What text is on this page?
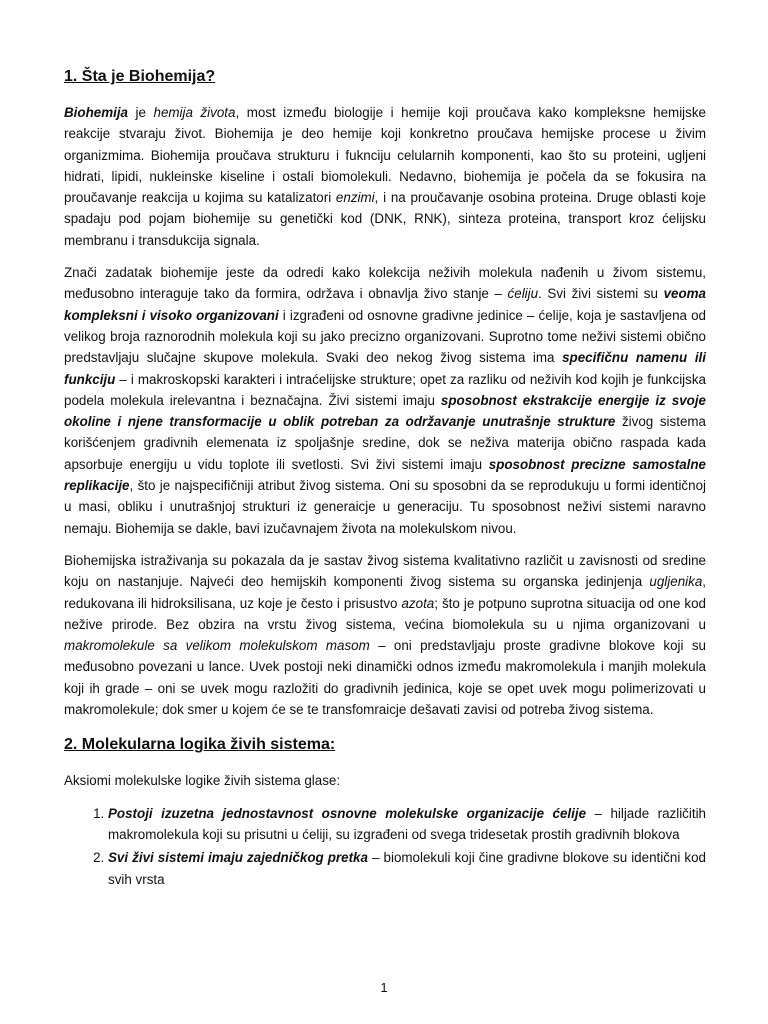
1. Šta je Biohemija?

Biohemija je hemija života, most između biologije i hemije koji proučava kako kompleksne hemijske reakcije stvaraju život. Biohemija je deo hemije koji konkretno proučava hemijske procese u živim organizmima. Biohemija proučava strukturu i fuknciju celularnih komponenti, kao što su proteini, ugljeni hidrati, lipidi, nukleinske kiseline i ostali biomolekuli. Nedavno, biohemija je počela da se fokusira na proučavanje reakcija u kojima su katalizatori enzimi, i na proučavanje osobina proteina. Druge oblasti koje spadaju pod pojam biohemije su genetički kod (DNK, RNK), sinteza proteina, transport kroz ćelijsku membranu i transdukcija signala.

Znači zadatak biohemije jeste da odredi kako kolekcija neživih molekula nađenih u živom sistemu, međusobno interaguje tako da formira, održava i obnavlja živo stanje – ćeliju. Svi živi sistemi su veoma kompleksni i visoko organizovani i izgrađeni od osnovne gradivne jedinice – ćelije, koja je sastavljena od velikog broja raznorodnih molekula koji su jako precizno organizovani. Suprotno tome neživi sistemi obično predstavljaju slučajne skupove molekula. Svaki deo nekog živog sistema ima specifičnu namenu ili funkciju – i makroskopski karakteri i intraćelijske strukture; opet za razliku od neživih kod kojih je funkcijska podela molekula irelevantna i beznačajna. Živi sistemi imaju sposobnost ekstrakcije energije iz svoje okoline i njene transformacije u oblik potreban za održavanje unutrašnje strukture živog sistema korišćenjem gradivnih elemenata iz spoljašnje sredine, dok se neživa materija obično raspada kada apsorbuje energiju u vidu toplote ili svetlosti. Svi živi sistemi imaju sposobnost precizne samostalne replikacije, što je najspecifičniji atribut živog sistema. Oni su sposobni da se reprodukuju u formi identičnoj u masi, obliku i unutrašnjoj strukturi iz generaicje u generaciju. Tu sposobnost neživi sistemi naravno nemaju. Biohemija se dakle, bavi izučavnajem života na molekulskom nivou.

Biohemijska istraživanja su pokazala da je sastav živog sistema kvalitativno različit u zavisnosti od sredine koju on nastanjuje. Najveći deo hemijskih komponenti živog sistema su organska jedinjenja ugljenika, redukovana ili hidroksilisana, uz koje je često i prisustvo azota; što je potpuno suprotna situacija od one kod nežive prirode. Bez obzira na vrstu živog sistema, većina biomolekula su u njima organizovani u makromolekule sa velikom molekulskom masom – oni predstavljaju proste gradivne blokove koji su međusobno povezani u lance. Uvek postoji neki dinamički odnos između makromolekula i manjih molekula koji ih grade – oni se uvek mogu razložiti do gradivnih jedinica, koje se opet uvek mogu polimerizovati u makromolekule; dok smer u kojem će se te transfomraicje dešavati zavisi od potreba živog sistema.

2. Molekularna logika živih sistema:

Aksiomi molekulske logike živih sistema glase:

1. Postoji izuzetna jednostavnost osnovne molekulske organizacije ćelije – hiljade različitih makromolekula koji su prisutni u ćeliji, su izgrađeni od svega tridesetak prostih gradivnih blokova
2. Svi živi sistemi imaju zajedničkog pretka – biomolekuli koji čine gradivne blokove su identični kod svih vrsta
1
